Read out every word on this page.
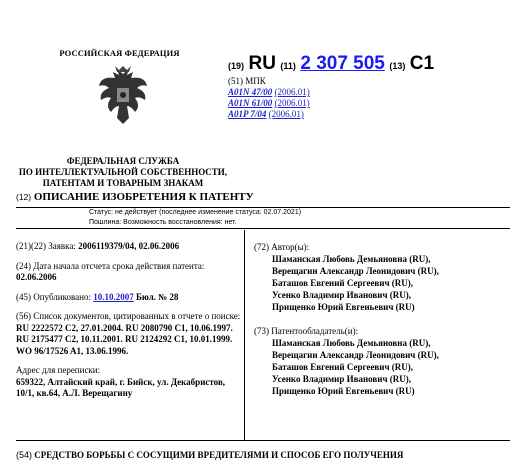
РОССИЙСКАЯ ФЕДЕРАЦИЯ
ФЕДЕРАЛЬНАЯ СЛУЖБА
ПО ИНТЕЛЛЕКТУАЛЬНОЙ СОБСТВЕННОСТИ,
ПАТЕНТАМ И ТОВАРНЫМ ЗНАКАМ
(19) RU (11) 2 307 505 (13) C1
(51) МПК
A01N 47/00 (2006.01)
A01N 61/00 (2006.01)
A01P 7/04 (2006.01)
(12) ОПИСАНИЕ ИЗОБРЕТЕНИЯ К ПАТЕНТУ
Статус: не действует (последнее изменение статуса: 02.07.2021)
Пошлина: Возможность восстановления: нет.

(21)(22) Заявка: 2006119379/04, 02.06.2006

(24) Дата начала отсчета срока действия патента:
02.06.2006

(45) Опубликовано: 10.10.2007 Бюл. № 28

(56) Список документов, цитированных в отчете о поиске: RU 2222572 C2, 27.01.2004. RU 2080790 C1, 10.06.1997. RU 2175477 C2, 10.11.2001. RU 2124292 C1, 10.01.1999. WO 96/17526 A1, 13.06.1996.

Адрес для переписки:
659322, Алтайский край, г. Бийск, ул. Декабристов, 10/1, кв.64, А.Л. Верещагину

(72) Автор(ы):
Шаманская Любовь Демьяновна (RU),
Верещагин Александр Леонидович (RU),
Баташов Евгений Сергеевич (RU),
Усенко Владимир Иванович (RU),
Прищенко Юрий Евгеньевич (RU)
(73) Патентообладатель(и):
Шаманская Любовь Демьяновна (RU),
Верещагин Александр Леонидович (RU),
Баташов Евгений Сергеевич (RU),
Усенко Владимир Иванович (RU),
Прищенко Юрий Евгеньевич (RU)
(54) СРЕДСТВО БОРЬБЫ С СОСУЩИМИ ВРЕДИТЕЛЯМИ И СПОСОБ ЕГО ПОЛУЧЕНИЯ
